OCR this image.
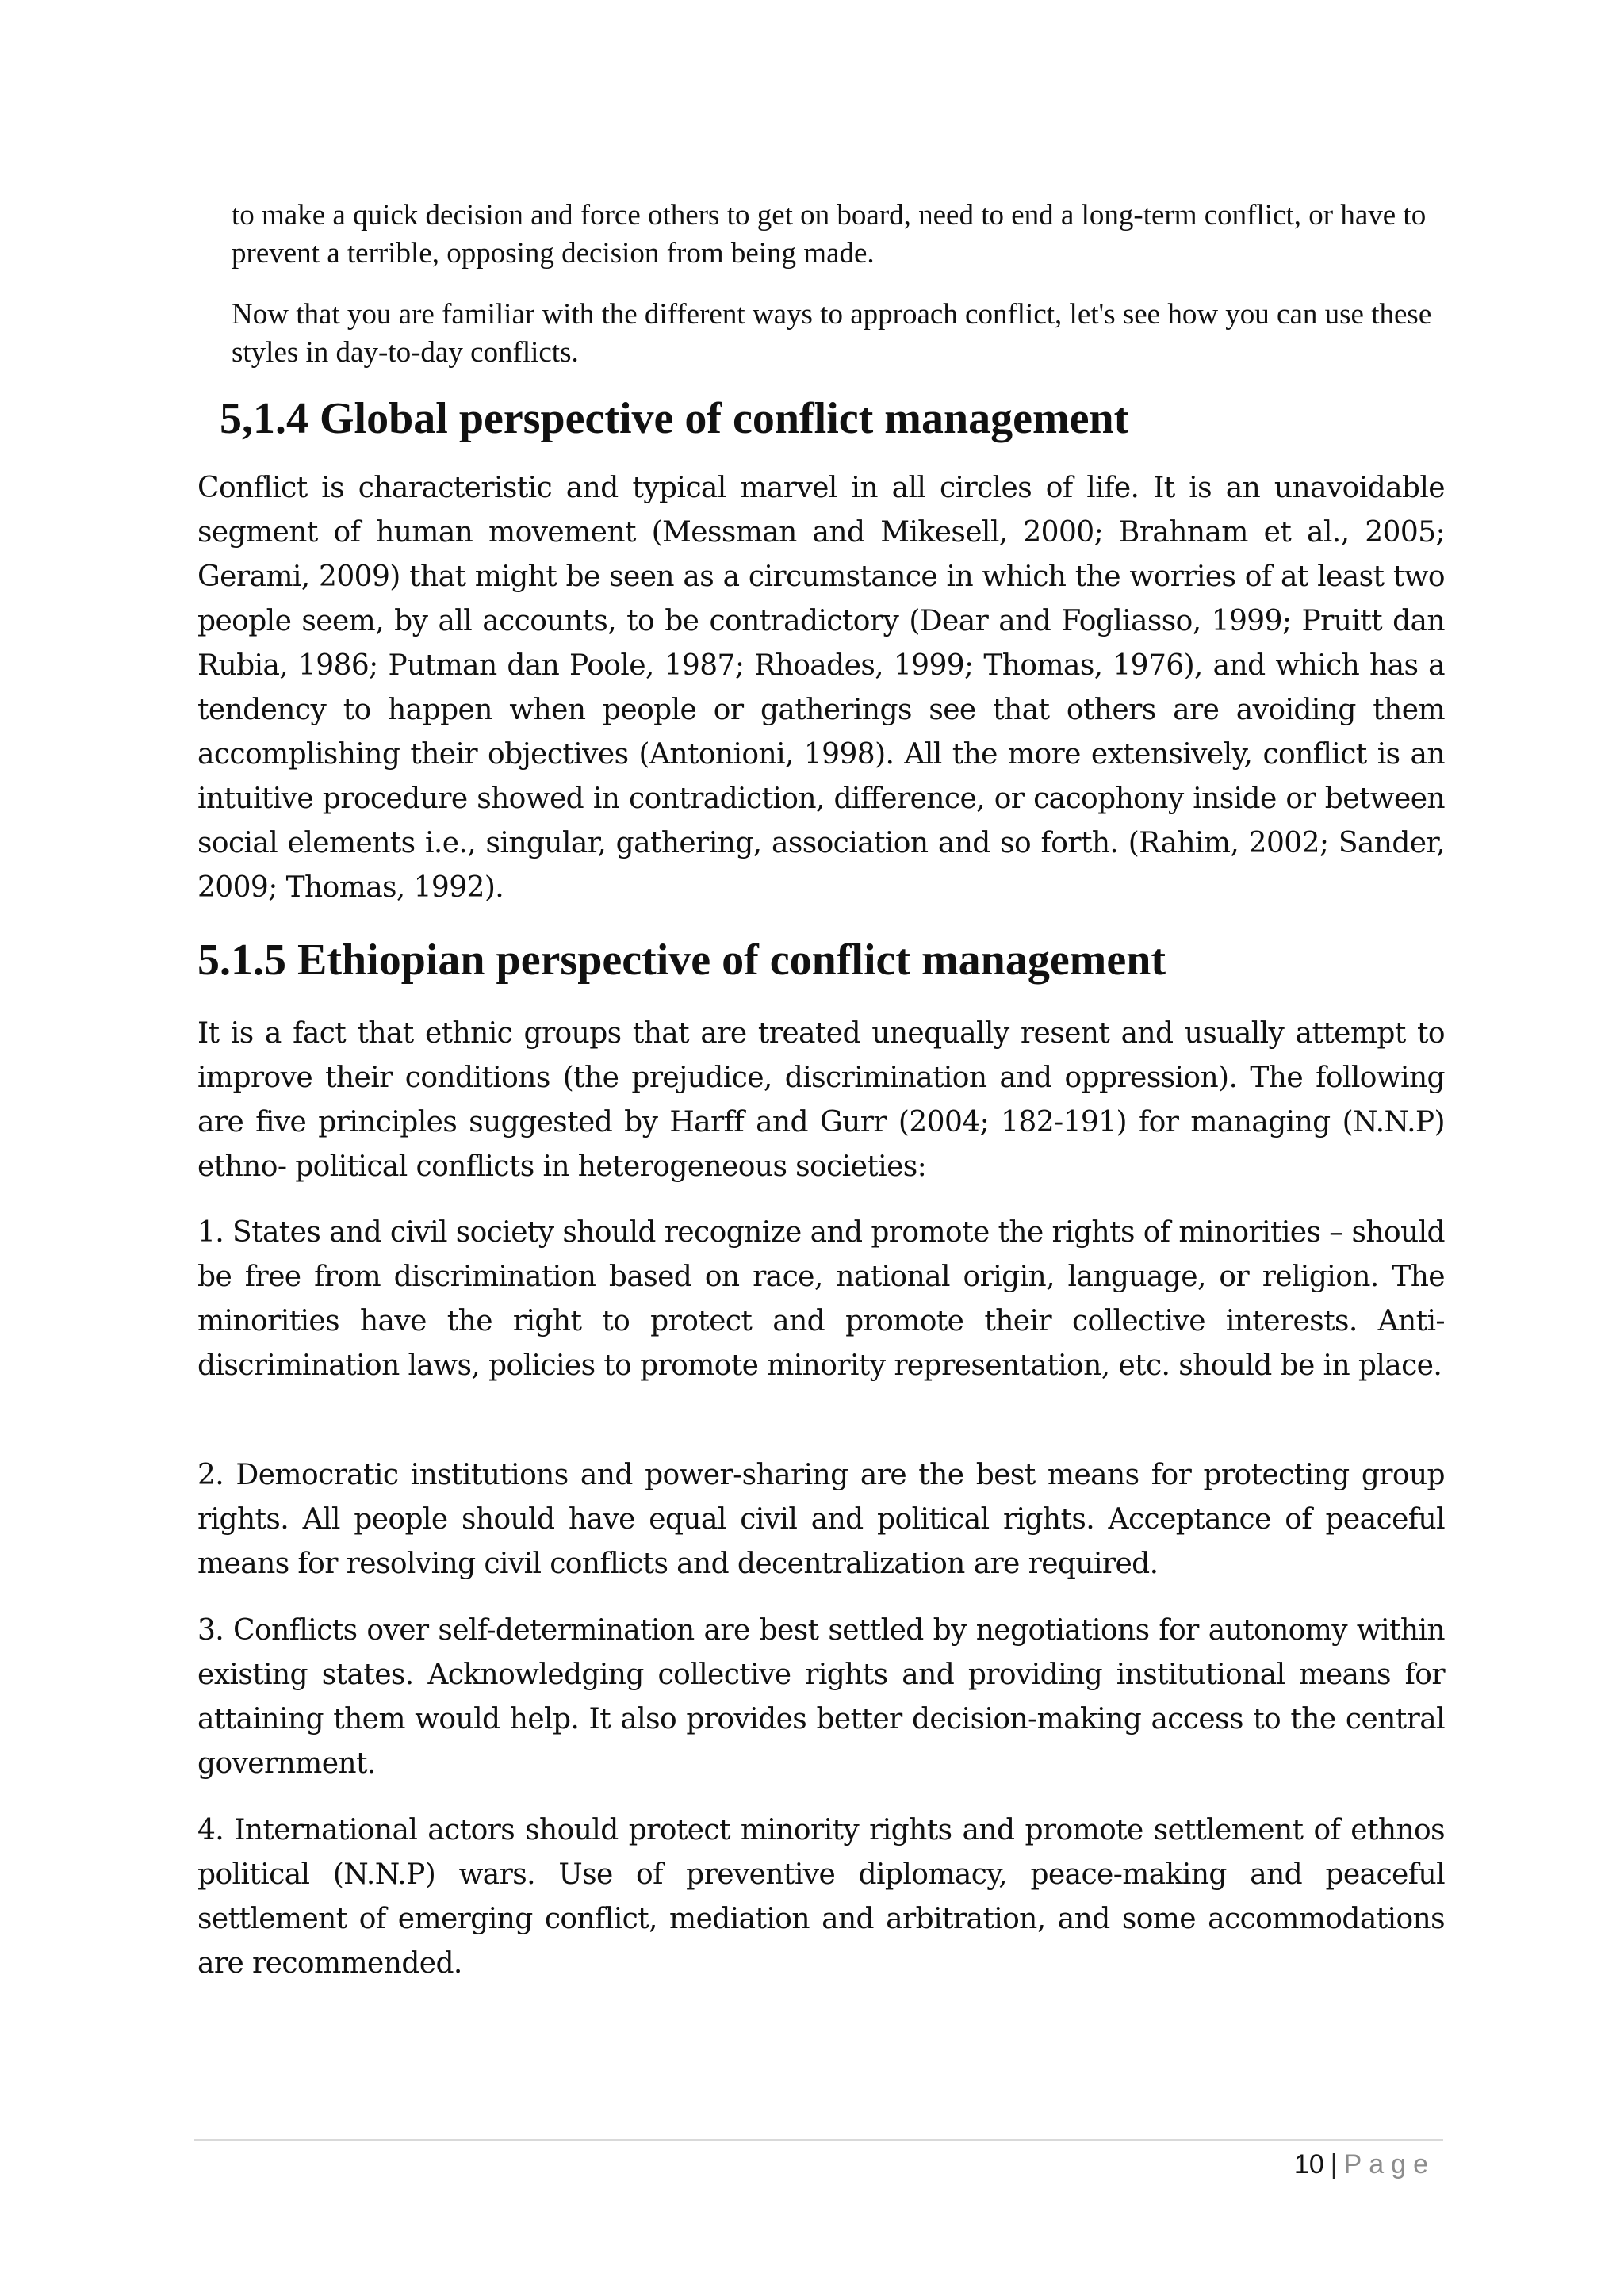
to make a quick decision and force others to get on board, need to end a long-term conflict, or have to prevent a terrible, opposing decision from being made.

Now that you are familiar with the different ways to approach conflict, let's see how you can use these styles in day-to-day conflicts.

5,1.4 Global perspective of conflict management

Conflict is characteristic and typical marvel in all circles of life. It is an unavoidable segment of human movement (Messman and Mikesell, 2000; Brahnam et al., 2005; Gerami, 2009) that might be seen as a circumstance in which the worries of at least two people seem, by all accounts, to be contradictory (Dear and Fogliasso, 1999; Pruitt dan Rubia, 1986; Putman dan Poole, 1987; Rhoades, 1999; Thomas, 1976), and which has a tendency to happen when people or gatherings see that others are avoiding them accomplishing their objectives (Antonioni, 1998). All the more extensively, conflict is an intuitive procedure showed in contradiction, difference, or cacophony inside or between social elements i.e., singular, gathering, association and so forth. (Rahim, 2002; Sander, 2009; Thomas, 1992).

5.1.5 Ethiopian perspective of conflict management

It is a fact that ethnic groups that are treated unequally resent and usually attempt to improve their conditions (the prejudice, discrimination and oppression). The following are five principles suggested by Harff and Gurr (2004; 182-191) for managing (N.N.P) ethno- political conflicts in heterogeneous societies:

1. States and civil society should recognize and promote the rights of minorities – should be free from discrimination based on race, national origin, language, or religion. The minorities have the right to protect and promote their collective interests. Anti-discrimination laws, policies to promote minority representation, etc. should be in place.

2. Democratic institutions and power-sharing are the best means for protecting group rights. All people should have equal civil and political rights. Acceptance of peaceful means for resolving civil conflicts and decentralization are required.

3. Conflicts over self-determination are best settled by negotiations for autonomy within existing states. Acknowledging collective rights and providing institutional means for attaining them would help. It also provides better decision-making access to the central government.

4. International actors should protect minority rights and promote settlement of ethnos political (N.N.P) wars. Use of preventive diplomacy, peace-making and peaceful settlement of emerging conflict, mediation and arbitration, and some accommodations are recommended.

10 | Page
